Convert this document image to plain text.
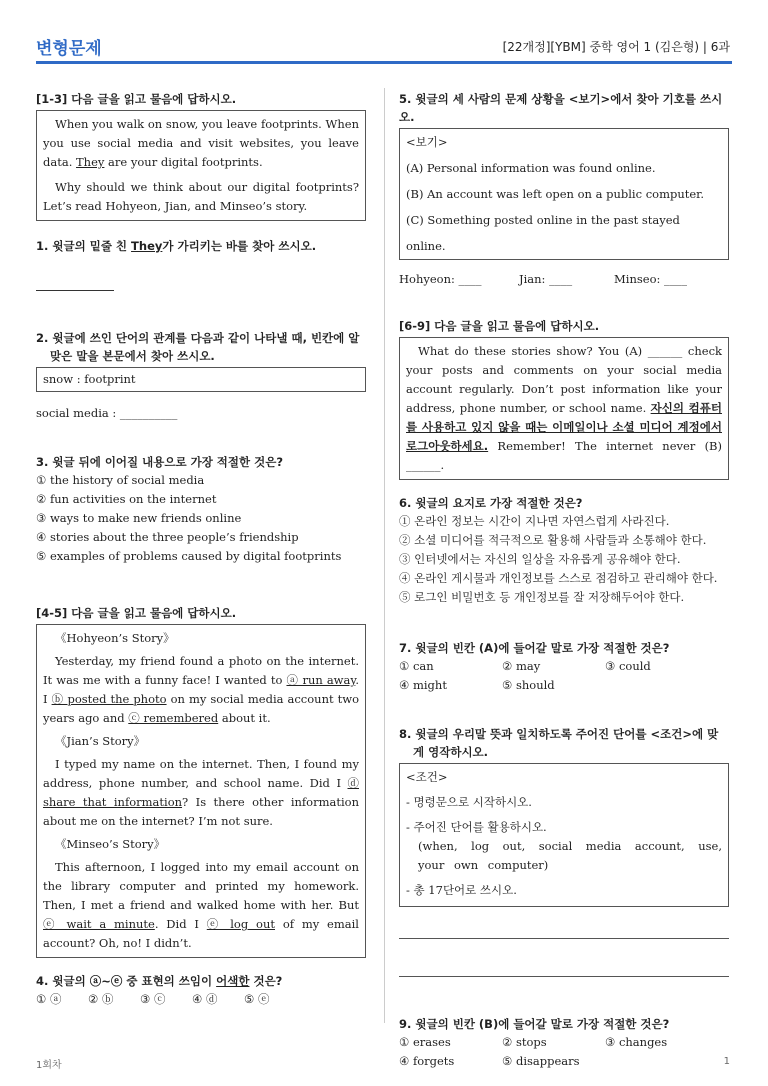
변형문제	[22개정][YBM] 중학 영어 1 (김은형) | 6과

[1-3] 다음 글을 읽고 물음에 답하시오.

When you walk on snow, you leave footprints. When you use social media and visit websites, you leave data. They are your digital footprints.

Why should we think about our digital footprints? Let’s read Hohyeon, Jian, and Minseo’s story.

1. 윗글의 밑줄 친 They가 가리키는 바를 찾아 쓰시오.

2. 윗글에 쓰인 단어의 관계를 다음과 같이 나타낼 때, 빈칸에 알맞은 말을 본문에서 찾아 쓰시오.

snow : footprint

social media : __________

3. 윗글 뒤에 이어질 내용으로 가장 적절한 것은?

① the history of social media
② fun activities on the internet
③ ways to make new friends online
④ stories about the three people’s friendship
⑤ examples of problems caused by digital footprints

[4-5] 다음 글을 읽고 물음에 답하시오.

《Hohyeon’s Story》

Yesterday, my friend found a photo on the internet. It was me with a funny face! I wanted to ⓐ run away. I ⓑ posted the photo on my social media account two years ago and ⓒ remembered about it.

《Jian’s Story》

I typed my name on the internet. Then, I found my address, phone number, and school name. Did I ⓓ share that information? Is there other information about me on the internet? I’m not sure.

《Minseo’s Story》

This afternoon, I logged into my email account on the library computer and printed my homework. Then, I met a friend and walked home with her. But ⓔ wait a minute. Did I ⓔ log out of my email account? Oh, no! I didn’t.

4. 윗글의 ⓐ~ⓔ 중 표현의 쓰임이 어색한 것은?

① ⓐ	② ⓑ	③ ⓒ	④ ⓓ	⑤ ⓔ

5. 윗글의 세 사람의 문제 상황을 <보기>에서 찾아 기호를 쓰시오.

<보기>
(A) Personal information was found online.
(B) An account was left open on a public computer.
(C) Something posted online in the past stayed online.
Hohyeon: ____	Jian: ____	Minseo: ____

[6-9] 다음 글을 읽고 물음에 답하시오.

What do these stories show? You (A) ______ check your posts and comments on your social media account regularly. Don’t post information like your address, phone number, or school name. 자신의 컴퓨터를 사용하고 있지 않을 때는 이메일이나 소셜 미디어 계정에서 로그아웃하세요. Remember! The internet never (B) ______.

6. 윗글의 요지로 가장 적절한 것은?

① 온라인 정보는 시간이 지나면 자연스럽게 사라진다.
② 소셜 미디어를 적극적으로 활용해 사람들과 소통해야 한다.
③ 인터넷에서는 자신의 일상을 자유롭게 공유해야 한다.
④ 온라인 게시물과 개인정보를 스스로 점검하고 관리해야 한다.
⑤ 로그인 비밀번호 등 개인정보를 잘 저장해두어야 한다.

7. 윗글의 빈칸 (A)에 들어갈 말로 가장 적절한 것은?

① can	② may	③ could
④ might	⑤ should

8. 윗글의 우리말 뜻과 일치하도록 주어진 단어를 <조건>에 맞게 영작하시오.

<조건>
- 명령문으로 시작하시오.
- 주어진 단어를 활용하시오.
(when, log out, social media account, use, your own computer)
- 총 17단어로 쓰시오.

9. 윗글의 빈칸 (B)에 들어갈 말로 가장 적절한 것은?

① erases	② stops	③ changes
④ forgets	⑤ disappears
1회차	1
